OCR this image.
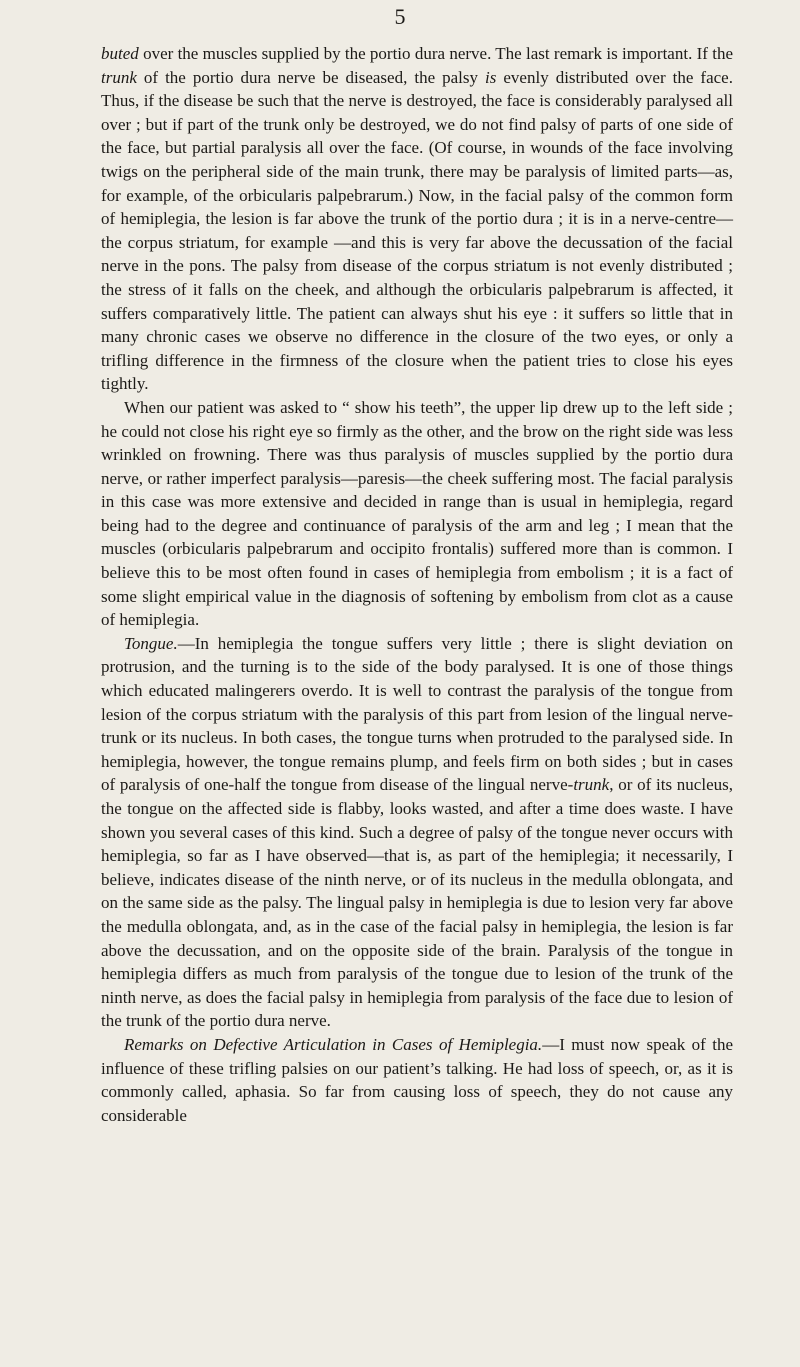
5

buted over the muscles supplied by the portio dura nerve. The last remark is important. If the trunk of the portio dura nerve be diseased, the palsy is evenly distributed over the face. Thus, if the disease be such that the nerve is destroyed, the face is considerably paralysed all over ; but if part of the trunk only be destroyed, we do not find palsy of parts of one side of the face, but partial paralysis all over the face. (Of course, in wounds of the face involving twigs on the peripheral side of the main trunk, there may be paralysis of limited parts—as, for example, of the orbicularis palpebrarum.) Now, in the facial palsy of the common form of hemiplegia, the lesion is far above the trunk of the portio dura ; it is in a nerve-centre—the corpus striatum, for example —and this is very far above the decussation of the facial nerve in the pons. The palsy from disease of the corpus striatum is not evenly distributed ; the stress of it falls on the cheek, and although the orbicularis palpebrarum is affected, it suffers comparatively little. The patient can always shut his eye : it suffers so little that in many chronic cases we observe no difference in the closure of the two eyes, or only a trifling difference in the firmness of the closure when the patient tries to close his eyes tightly.

When our patient was asked to “ show his teeth”, the upper lip drew up to the left side ; he could not close his right eye so firmly as the other, and the brow on the right side was less wrinkled on frowning. There was thus paralysis of muscles supplied by the portio dura nerve, or rather imperfect paralysis—paresis—the cheek suffering most. The facial paralysis in this case was more extensive and decided in range than is usual in hemiplegia, regard being had to the degree and continuance of paralysis of the arm and leg ; I mean that the muscles (orbicularis palpebrarum and occipito frontalis) suffered more than is common. I believe this to be most often found in cases of hemiplegia from embolism ; it is a fact of some slight empirical value in the diagnosis of softening by embolism from clot as a cause of hemiplegia.

Tongue.—In hemiplegia the tongue suffers very little ; there is slight deviation on protrusion, and the turning is to the side of the body paralysed. It is one of those things which educated malingerers overdo. It is well to contrast the paralysis of the tongue from lesion of the corpus striatum with the paralysis of this part from lesion of the lingual nerve-trunk or its nucleus. In both cases, the tongue turns when protruded to the paralysed side. In hemiplegia, however, the tongue remains plump, and feels firm on both sides ; but in cases of paralysis of one-half the tongue from disease of the lingual nerve-trunk, or of its nucleus, the tongue on the affected side is flabby, looks wasted, and after a time does waste. I have shown you several cases of this kind. Such a degree of palsy of the tongue never occurs with hemiplegia, so far as I have observed—that is, as part of the hemiplegia; it necessarily, I believe, indicates disease of the ninth nerve, or of its nucleus in the medulla oblongata, and on the same side as the palsy. The lingual palsy in hemiplegia is due to lesion very far above the medulla oblongata, and, as in the case of the facial palsy in hemiplegia, the lesion is far above the decussation, and on the opposite side of the brain. Paralysis of the tongue in hemiplegia differs as much from paralysis of the tongue due to lesion of the trunk of the ninth nerve, as does the facial palsy in hemiplegia from paralysis of the face due to lesion of the trunk of the portio dura nerve.

Remarks on Defective Articulation in Cases of Hemiplegia.—I must now speak of the influence of these trifling palsies on our patient’s talking. He had loss of speech, or, as it is commonly called, aphasia. So far from causing loss of speech, they do not cause any considerable
